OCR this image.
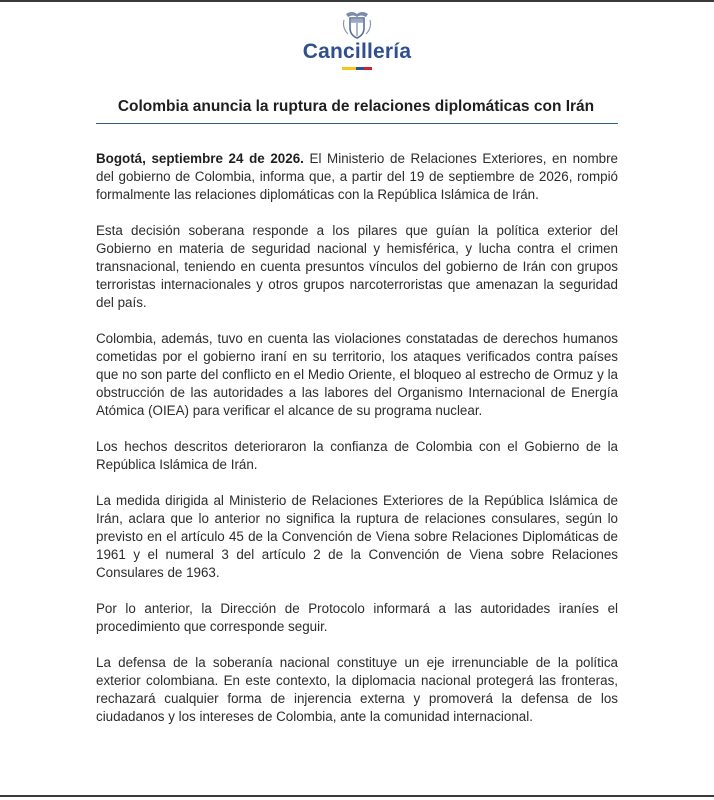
Cancillería
Colombia anuncia la ruptura de relaciones diplomáticas con Irán

Bogotá, septiembre 24 de 2026. El Ministerio de Relaciones Exteriores, en nombre del gobierno de Colombia, informa que, a partir del 19 de septiembre de 2026, rompió formalmente las relaciones diplomáticas con la República Islámica de Irán.

Esta decisión soberana responde a los pilares que guían la política exterior del Gobierno en materia de seguridad nacional y hemisférica, y lucha contra el crimen transnacional, teniendo en cuenta presuntos vínculos del gobierno de Irán con grupos terroristas internacionales y otros grupos narcoterroristas que amenazan la seguridad del país.

Colombia, además, tuvo en cuenta las violaciones constatadas de derechos humanos cometidas por el gobierno iraní en su territorio, los ataques verificados contra países que no son parte del conflicto en el Medio Oriente, el bloqueo al estrecho de Ormuz y la obstrucción de las autoridades a las labores del Organismo Internacional de Energía Atómica (OIEA) para verificar el alcance de su programa nuclear.

Los hechos descritos deterioraron la confianza de Colombia con el Gobierno de la República Islámica de Irán.

La medida dirigida al Ministerio de Relaciones Exteriores de la República Islámica de Irán, aclara que lo anterior no significa la ruptura de relaciones consulares, según lo previsto en el artículo 45 de la Convención de Viena sobre Relaciones Diplomáticas de 1961 y el numeral 3 del artículo 2 de la Convención de Viena sobre Relaciones Consulares de 1963.

Por lo anterior, la Dirección de Protocolo informará a las autoridades iraníes el procedimiento que corresponde seguir.

La defensa de la soberanía nacional constituye un eje irrenunciable de la política exterior colombiana. En este contexto, la diplomacia nacional protegerá las fronteras, rechazará cualquier forma de injerencia externa y promoverá la defensa de los ciudadanos y los intereses de Colombia, ante la comunidad internacional.
